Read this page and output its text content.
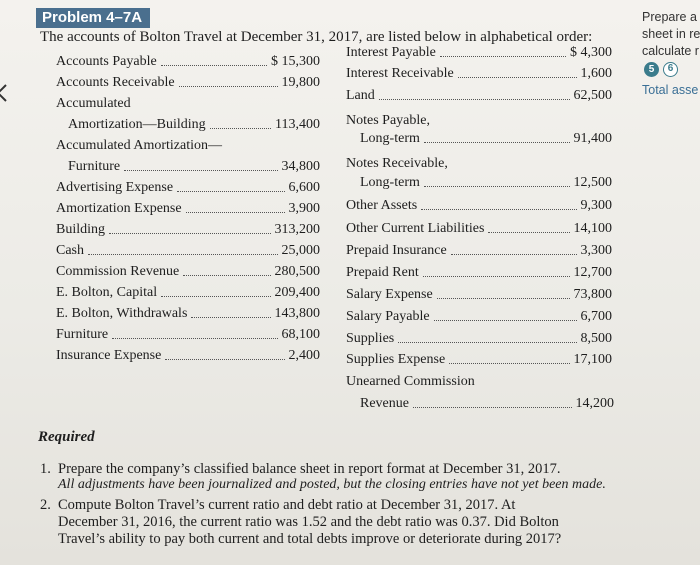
Problem 4–7A
The accounts of Bolton Travel at December 31, 2017, are listed below in alphabetical order:
Accounts Payable	$ 15,300
Accounts Receivable	19,800
Accumulated
Amortization—Building	113,400
Accumulated Amortization—
Furniture	34,800
Advertising Expense	6,600
Amortization Expense	3,900
Building	313,200
Cash	25,000
Commission Revenue	280,500
E. Bolton, Capital	209,400
E. Bolton, Withdrawals	143,800
Furniture	68,100
Insurance Expense	2,400
Interest Payable	$ 4,300
Interest Receivable	1,600
Land	62,500
Notes Payable,
Long-term	91,400
Notes Receivable,
Long-term	12,500
Other Assets	9,300
Other Current Liabilities	14,100
Prepaid Insurance	3,300
Prepaid Rent	12,700
Salary Expense	73,800
Salary Payable	6,700
Supplies	8,500
Supplies Expense	17,100
Unearned Commission
Revenue	14,200
Prepare a
sheet in re
calculate r
5	6
Total asse
Required
1. Prepare the company’s classified balance sheet in report format at December 31, 2017.
All adjustments have been journalized and posted, but the closing entries have not yet been made.
2. Compute Bolton Travel’s current ratio and debt ratio at December 31, 2017. At
December 31, 2016, the current ratio was 1.52 and the debt ratio was 0.37. Did Bolton
Travel’s ability to pay both current and total debts improve or deteriorate during 2017?
